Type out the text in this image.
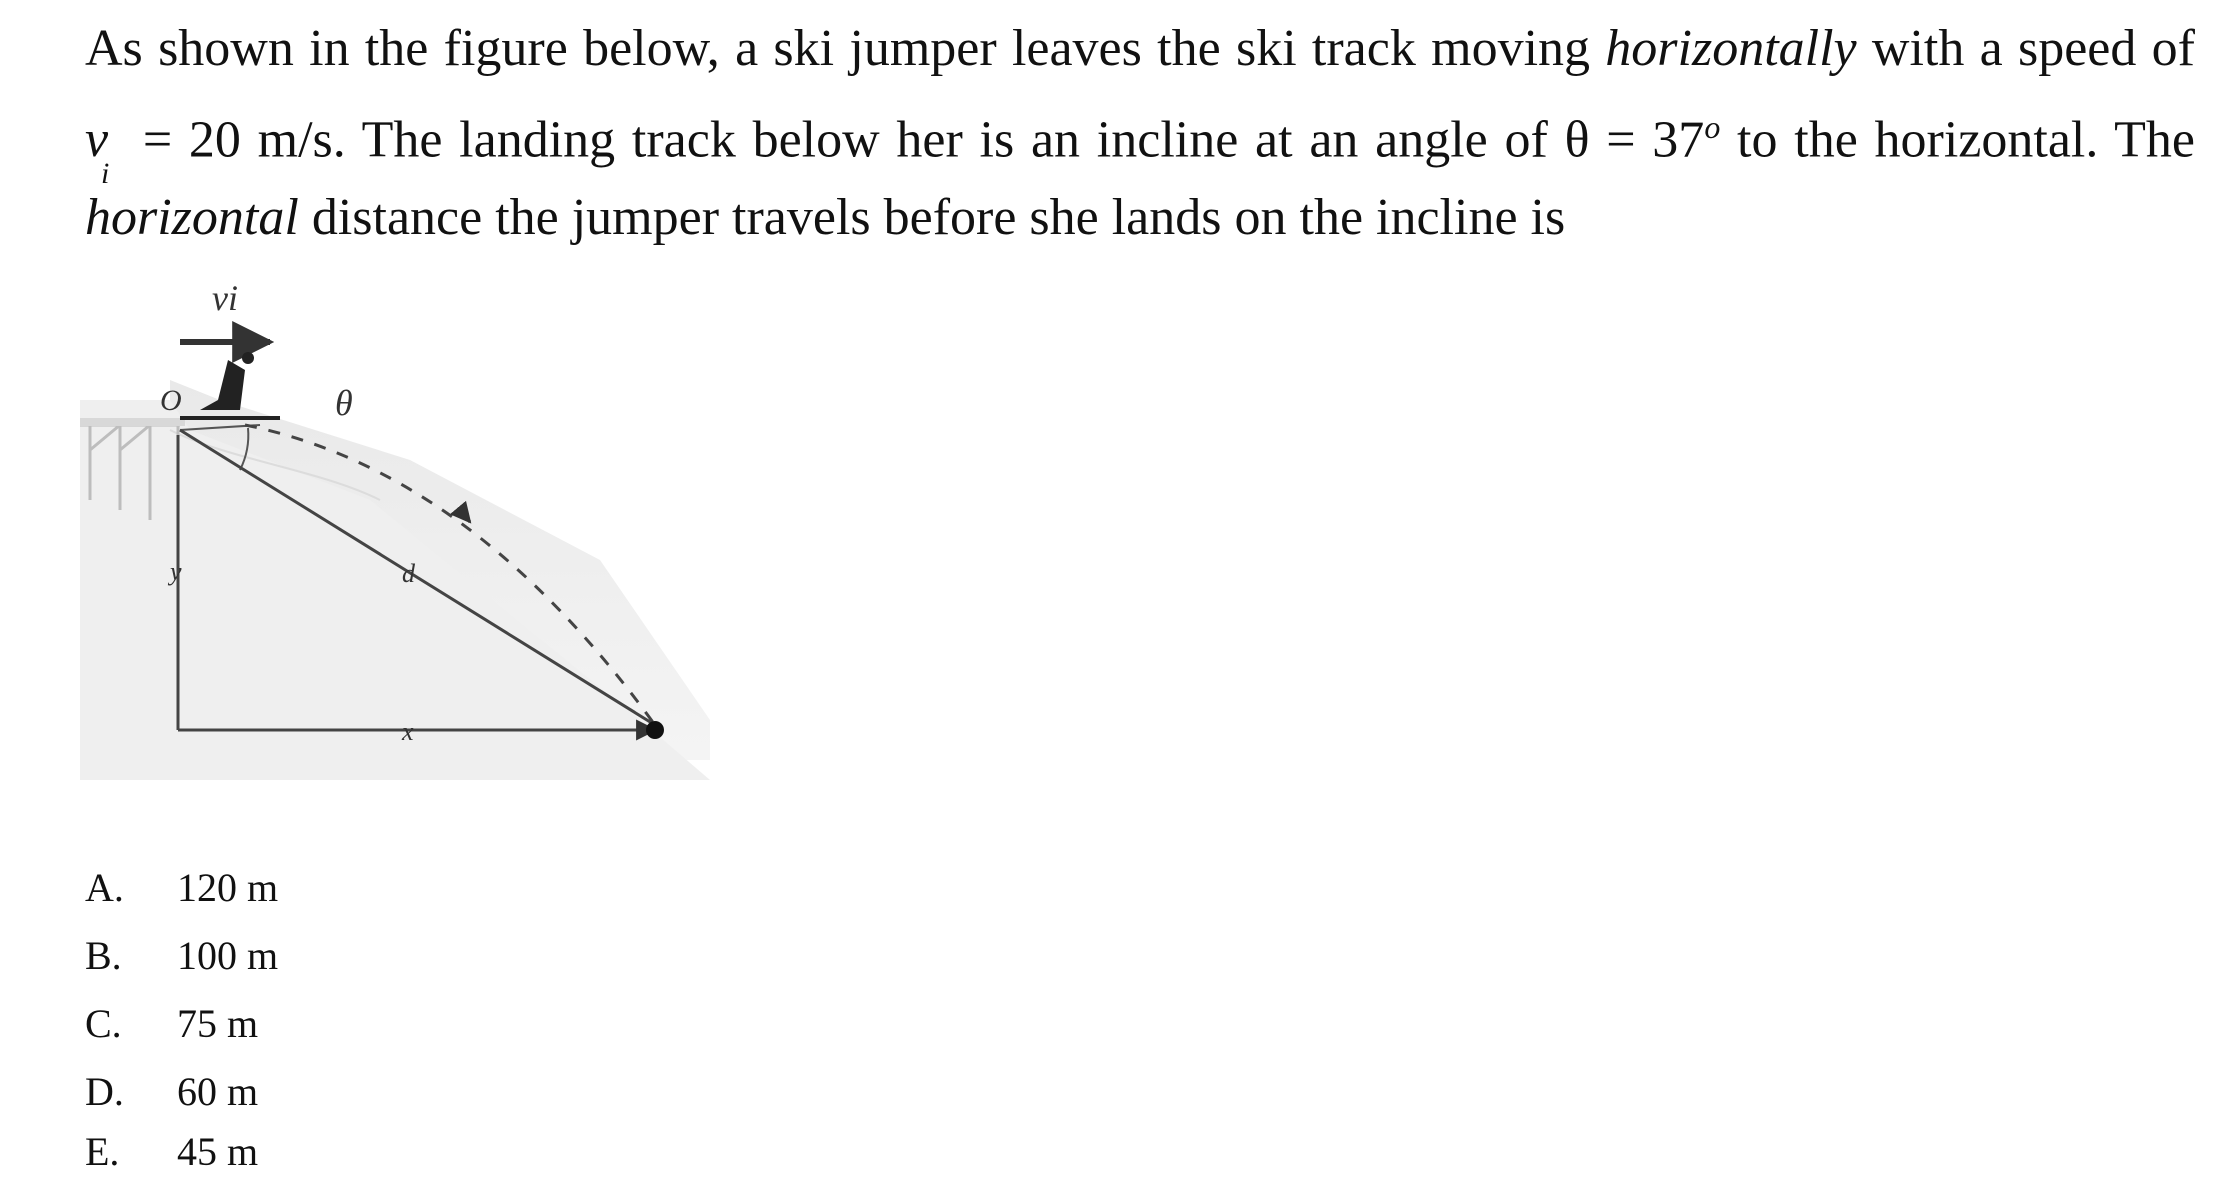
As shown in the figure below, a ski jumper leaves the ski track moving horizontally with a speed of v
i
= 20 m/s. The landing track below her is an incline at an angle of $\theta = 37^o$ to the horizontal. The horizontal distance the jumper travels before she lands on the incline is
O
vi
θ
d
y
x
A.	120 m
B.	100 m
C.	75 m
D.	60 m
E.	45 m
